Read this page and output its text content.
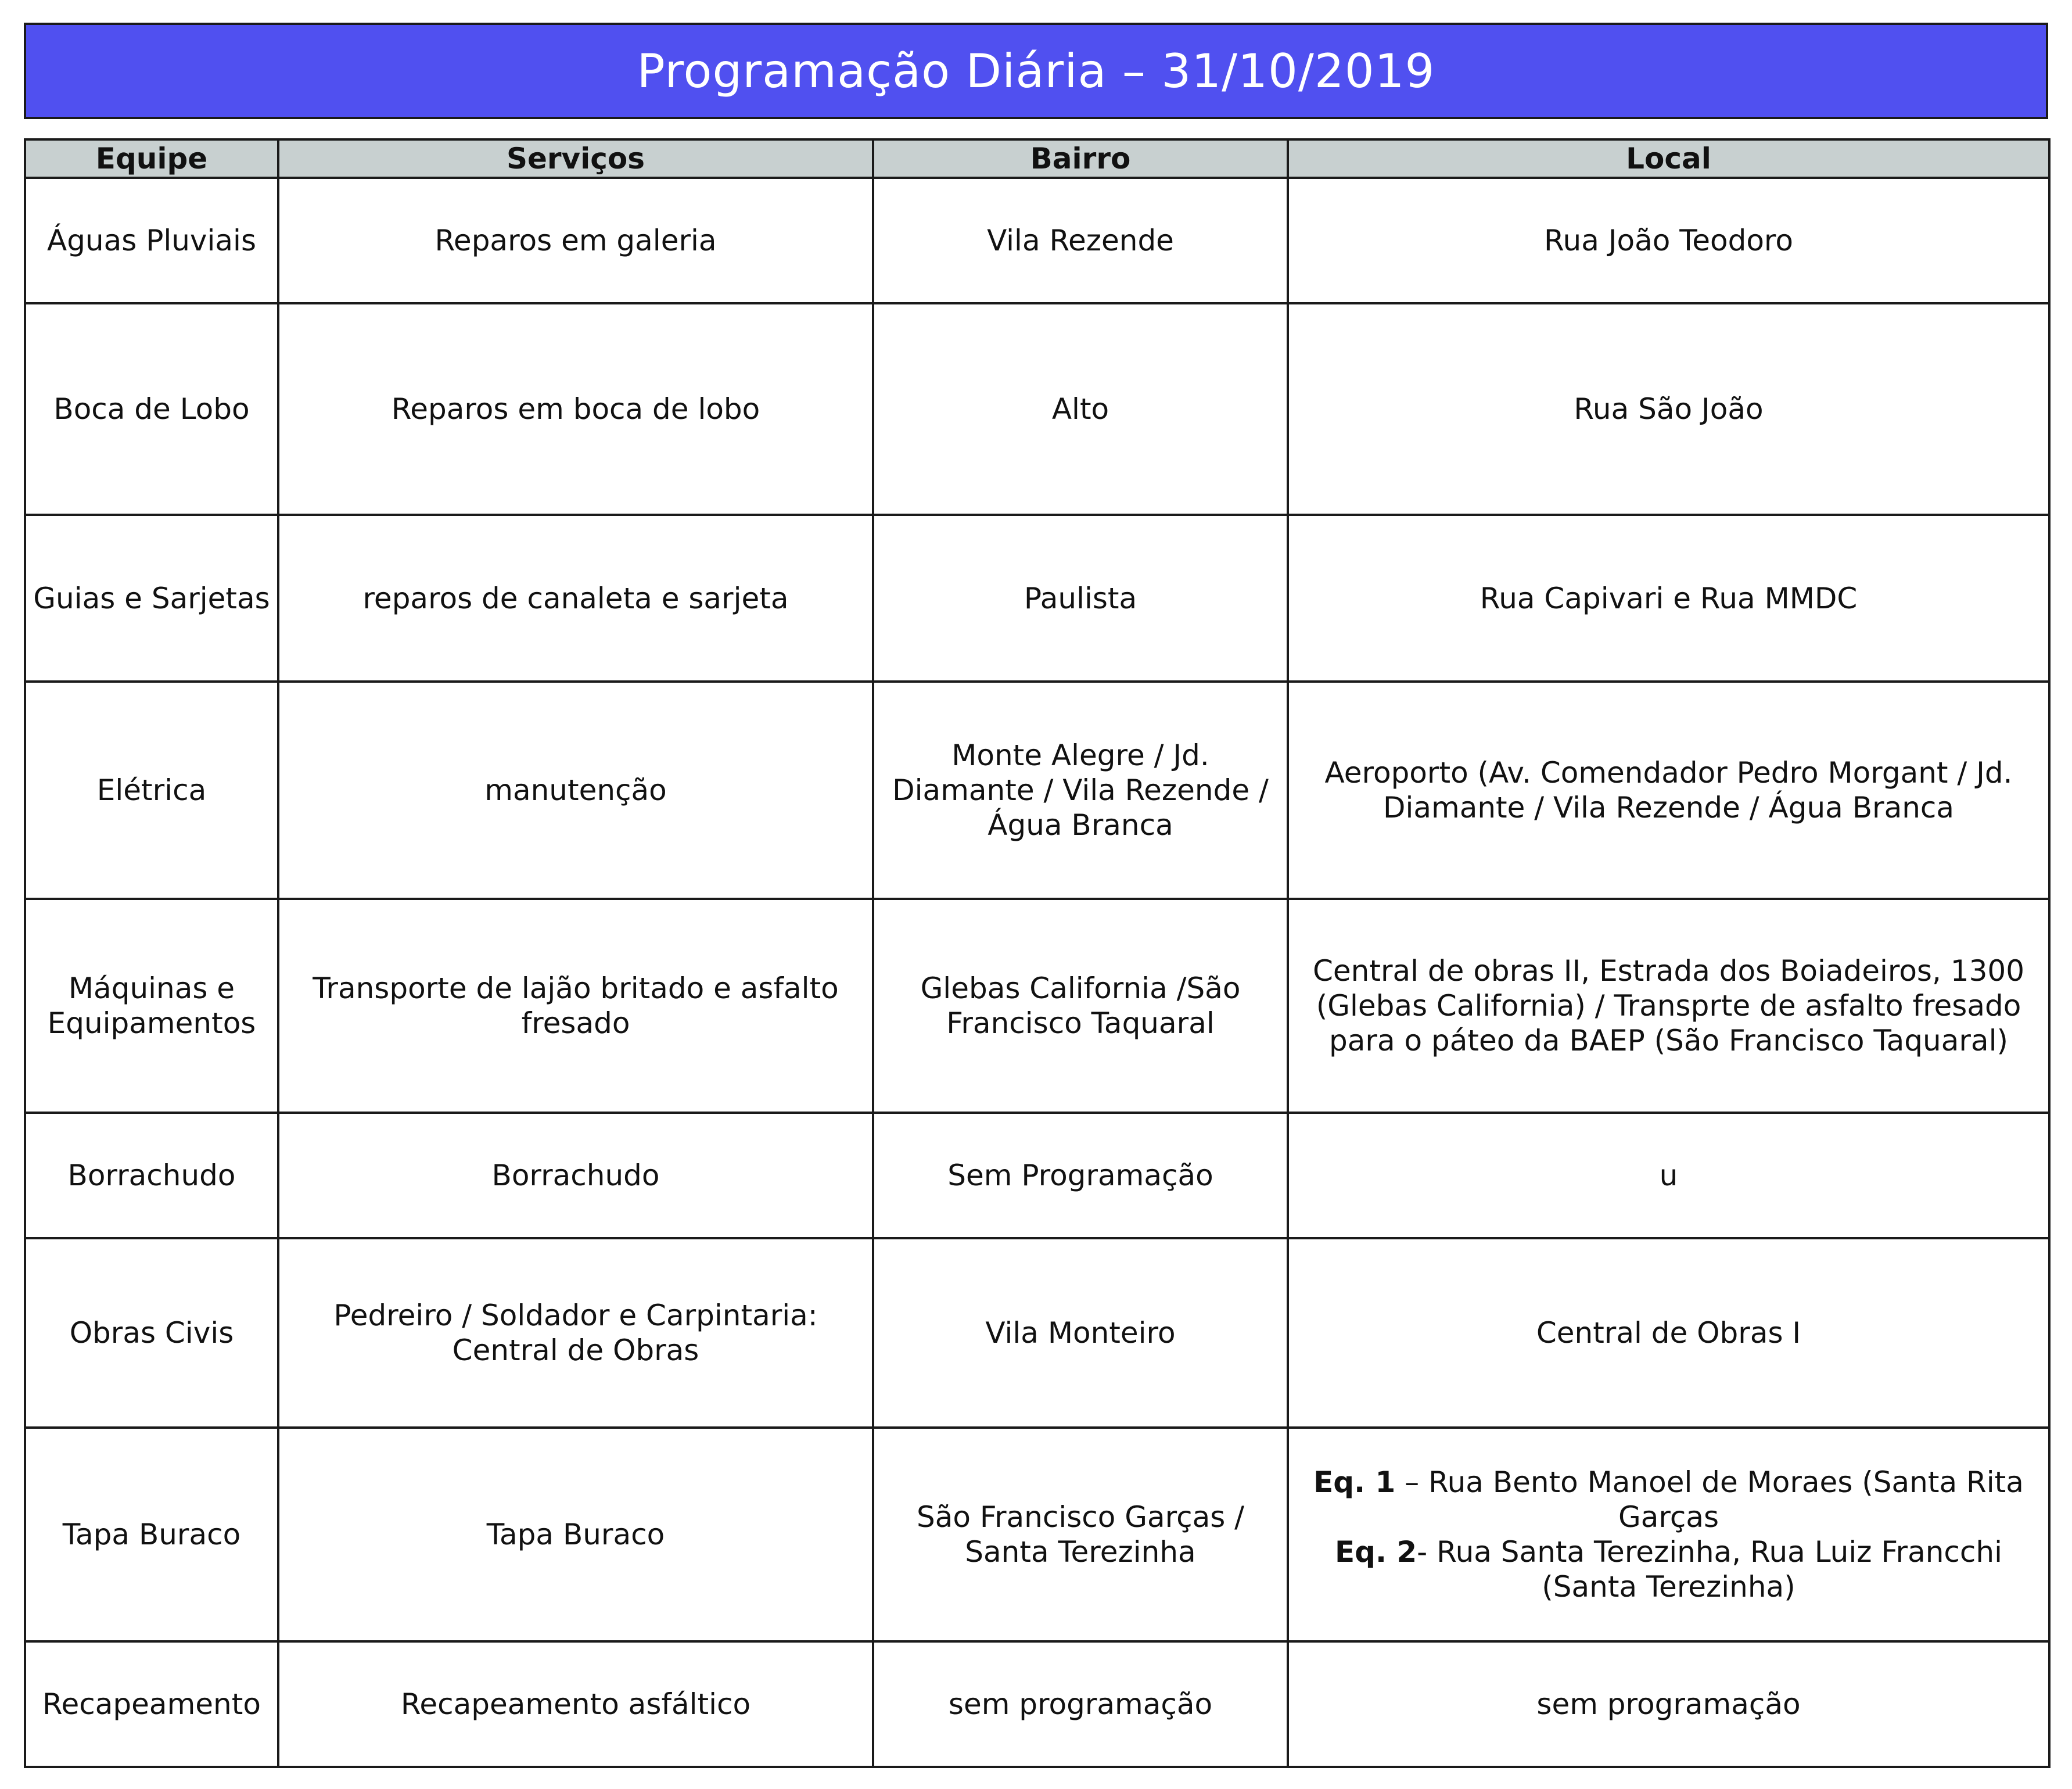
Programação Diária – 31/10/2019
Equipe	Serviços	Bairro	Local
Águas Pluviais	Reparos em galeria	Vila Rezende	Rua João Teodoro
Boca de Lobo	Reparos em boca de lobo	Alto	Rua São João
Guias e Sarjetas	reparos de canaleta e sarjeta	Paulista	Rua Capivari e Rua MMDC
Elétrica	manutenção	Monte Alegre / Jd. Diamante / Vila Rezende / Água Branca	Aeroporto (Av. Comendador Pedro Morgant / Jd. Diamante / Vila Rezende / Água Branca
Máquinas e Equipamentos	Transporte de lajão britado e asfalto fresado	Glebas California /São Francisco Taquaral	Central de obras II, Estrada dos Boiadeiros, 1300 (Glebas California) / Transprte de asfalto fresado para o páteo da BAEP (São Francisco Taquaral)
Borrachudo	Borrachudo	Sem Programação	u
Obras Civis	Pedreiro / Soldador e Carpintaria: Central de Obras	Vila Monteiro	Central de Obras I
Tapa Buraco	Tapa Buraco	São Francisco Garças / Santa Terezinha	Eq. 1 – Rua Bento Manoel de Moraes (Santa Rita Garças
Eq. 2- Rua Santa Terezinha, Rua Luiz Francchi (Santa Terezinha)

Recapeamento	Recapeamento asfáltico	sem programação	sem programação
